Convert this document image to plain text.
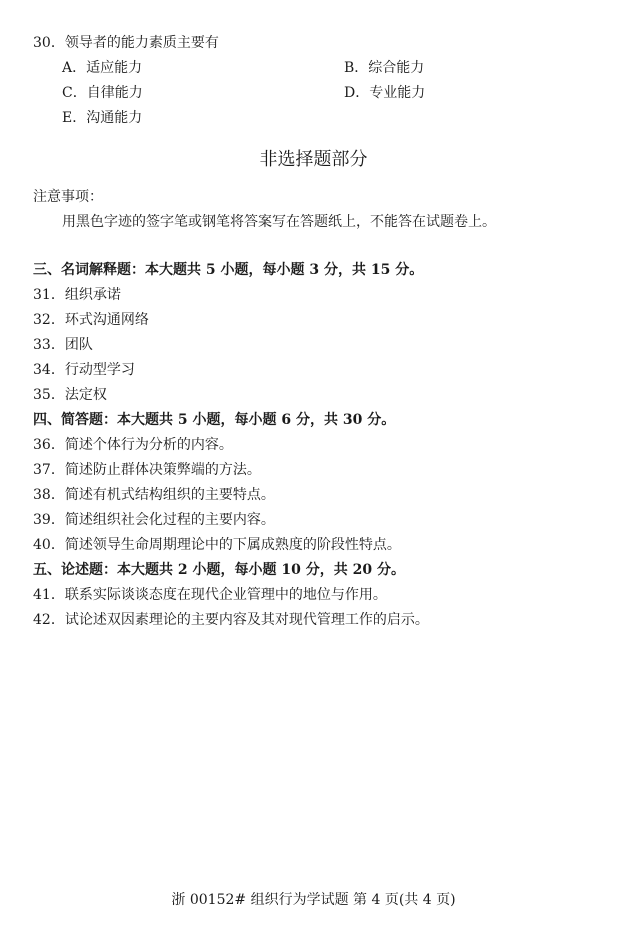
30．领导者的能力素质主要有
A．适应能力	B．综合能力
C．自律能力	D．专业能力
E．沟通能力
非选择题部分
注意事项：
用黑色字迹的签字笔或钢笔将答案写在答题纸上，不能答在试题卷上。
三、名词解释题：本大题共 5 小题，每小题 3 分，共 15 分。
31．组织承诺
32．环式沟通网络
33．团队
34．行动型学习
35．法定权
四、简答题：本大题共 5 小题，每小题 6 分，共 30 分。
36．简述个体行为分析的内容。
37．简述防止群体决策弊端的方法。
38．简述有机式结构组织的主要特点。
39．简述组织社会化过程的主要内容。
40．简述领导生命周期理论中的下属成熟度的阶段性特点。
五、论述题：本大题共 2 小题，每小题 10 分，共 20 分。
41．联系实际谈谈态度在现代企业管理中的地位与作用。
42．试论述双因素理论的主要内容及其对现代管理工作的启示。
浙 00152# 组织行为学试题 第 4 页(共 4 页)
